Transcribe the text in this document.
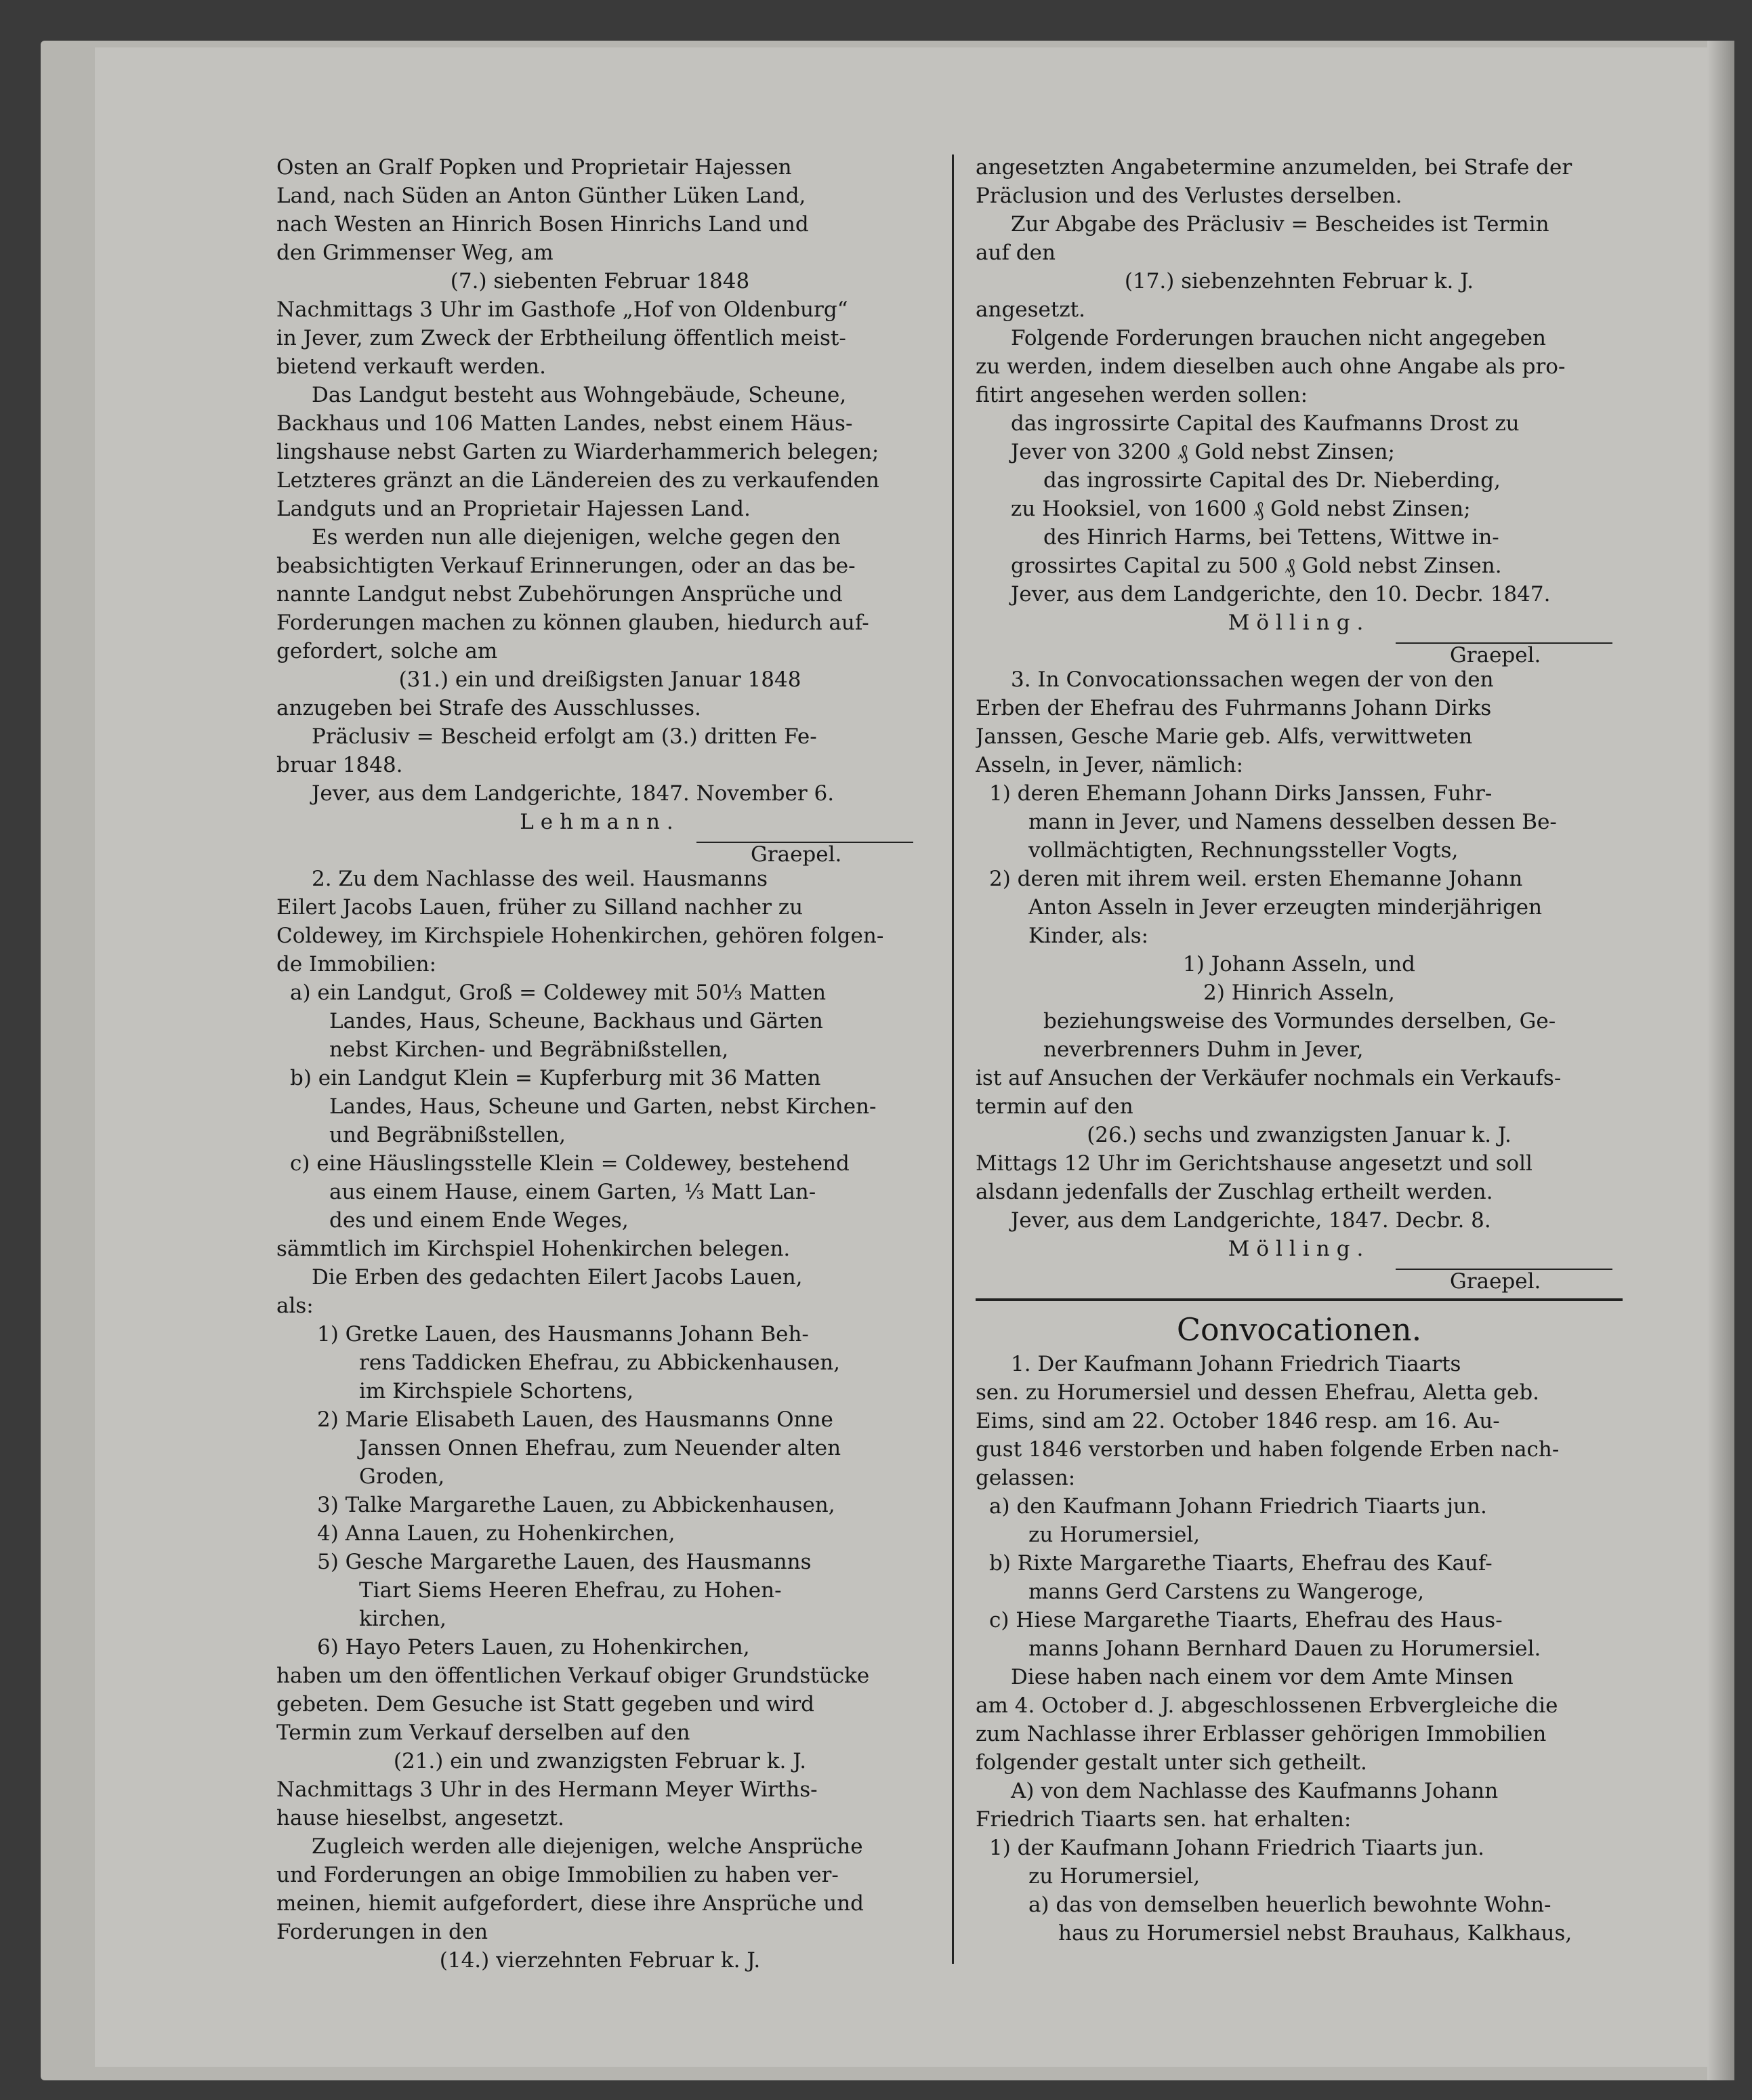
Osten an Gralf Popken und Proprietair Hajessen
Land, nach Süden an Anton Günther Lüken Land,
nach Westen an Hinrich Bosen Hinrichs Land und
den Grimmenser Weg, am
(7.) siebenten Februar 1848
Nachmittags 3 Uhr im Gasthofe „Hof von Oldenburg“
in Jever, zum Zweck der Erbtheilung öffentlich meist-
bietend verkauft werden.
Das Landgut besteht aus Wohngebäude, Scheune,
Backhaus und 106 Matten Landes, nebst einem Häus-
lingshause nebst Garten zu Wiarderhammerich belegen;
Letzteres gränzt an die Ländereien des zu verkaufenden
Landguts und an Proprietair Hajessen Land.
Es werden nun alle diejenigen, welche gegen den
beabsichtigten Verkauf Erinnerungen, oder an das be-
nannte Landgut nebst Zubehörungen Ansprüche und
Forderungen machen zu können glauben, hiedurch auf-
gefordert, solche am
(31.) ein und dreißigsten Januar 1848
anzugeben bei Strafe des Ausschlusses.
Präclusiv = Bescheid erfolgt am (3.) dritten Fe-
bruar 1848.
Jever, aus dem Landgerichte, 1847. November 6.
Lehmann.
Graepel.
2. Zu dem Nachlasse des weil. Hausmanns
Eilert Jacobs Lauen, früher zu Silland nachher zu
Coldewey, im Kirchspiele Hohenkirchen, gehören folgen-
de Immobilien:
a) ein Landgut, Groß = Coldewey mit 50⅓ Matten
Landes, Haus, Scheune, Backhaus und Gärten
nebst Kirchen- und Begräbnißstellen,
b) ein Landgut Klein = Kupferburg mit 36 Matten
Landes, Haus, Scheune und Garten, nebst Kirchen-
und Begräbnißstellen,
c) eine Häuslingsstelle Klein = Coldewey, bestehend
aus einem Hause, einem Garten, ⅓ Matt Lan-
des und einem Ende Weges,
sämmtlich im Kirchspiel Hohenkirchen belegen.
Die Erben des gedachten Eilert Jacobs Lauen,
als:
1) Gretke Lauen, des Hausmanns Johann Beh-
rens Taddicken Ehefrau, zu Abbickenhausen,
im Kirchspiele Schortens,
2) Marie Elisabeth Lauen, des Hausmanns Onne
Janssen Onnen Ehefrau, zum Neuender alten
Groden,
3) Talke Margarethe Lauen, zu Abbickenhausen,
4) Anna Lauen, zu Hohenkirchen,
5) Gesche Margarethe Lauen, des Hausmanns
Tiart Siems Heeren Ehefrau, zu Hohen-
kirchen,
6) Hayo Peters Lauen, zu Hohenkirchen,
haben um den öffentlichen Verkauf obiger Grundstücke
gebeten. Dem Gesuche ist Statt gegeben und wird
Termin zum Verkauf derselben auf den
(21.) ein und zwanzigsten Februar k. J.
Nachmittags 3 Uhr in des Hermann Meyer Wirths-
hause hieselbst, angesetzt.
Zugleich werden alle diejenigen, welche Ansprüche
und Forderungen an obige Immobilien zu haben ver-
meinen, hiemit aufgefordert, diese ihre Ansprüche und
Forderungen in den
(14.) vierzehnten Februar k. J.
angesetzten Angabetermine anzumelden, bei Strafe der
Präclusion und des Verlustes derselben.
Zur Abgabe des Präclusiv = Bescheides ist Termin
auf den
(17.) siebenzehnten Februar k. J.
angesetzt.
Folgende Forderungen brauchen nicht angegeben
zu werden, indem dieselben auch ohne Angabe als pro-
fitirt angesehen werden sollen:
das ingrossirte Capital des Kaufmanns Drost zu
Jever von 3200 ₰ Gold nebst Zinsen;
das ingrossirte Capital des Dr. Nieberding,
zu Hooksiel, von 1600 ₰ Gold nebst Zinsen;
des Hinrich Harms, bei Tettens, Wittwe in-
grossirtes Capital zu 500 ₰ Gold nebst Zinsen.
Jever, aus dem Landgerichte, den 10. Decbr. 1847.
Mölling.
Graepel.
3. In Convocationssachen wegen der von den
Erben der Ehefrau des Fuhrmanns Johann Dirks
Janssen, Gesche Marie geb. Alfs, verwittweten
Asseln, in Jever, nämlich:
1) deren Ehemann Johann Dirks Janssen, Fuhr-
mann in Jever, und Namens desselben dessen Be-
vollmächtigten, Rechnungssteller Vogts,
2) deren mit ihrem weil. ersten Ehemanne Johann
Anton Asseln in Jever erzeugten minderjährigen
Kinder, als:
1) Johann Asseln, und
2) Hinrich Asseln,
beziehungsweise des Vormundes derselben, Ge-
neverbrenners Duhm in Jever,
ist auf Ansuchen der Verkäufer nochmals ein Verkaufs-
termin auf den
(26.) sechs und zwanzigsten Januar k. J.
Mittags 12 Uhr im Gerichtshause angesetzt und soll
alsdann jedenfalls der Zuschlag ertheilt werden.
Jever, aus dem Landgerichte, 1847. Decbr. 8.
Mölling.
Graepel.
Convocationen.
1. Der Kaufmann Johann Friedrich Tiaarts
sen. zu Horumersiel und dessen Ehefrau, Aletta geb.
Eims, sind am 22. October 1846 resp. am 16. Au-
gust 1846 verstorben und haben folgende Erben nach-
gelassen:
a) den Kaufmann Johann Friedrich Tiaarts jun.
zu Horumersiel,
b) Rixte Margarethe Tiaarts, Ehefrau des Kauf-
manns Gerd Carstens zu Wangeroge,
c) Hiese Margarethe Tiaarts, Ehefrau des Haus-
manns Johann Bernhard Dauen zu Horumersiel.
Diese haben nach einem vor dem Amte Minsen
am 4. October d. J. abgeschlossenen Erbvergleiche die
zum Nachlasse ihrer Erblasser gehörigen Immobilien
folgender gestalt unter sich getheilt.
A) von dem Nachlasse des Kaufmanns Johann
Friedrich Tiaarts sen. hat erhalten:
1) der Kaufmann Johann Friedrich Tiaarts jun.
zu Horumersiel,
a) das von demselben heuerlich bewohnte Wohn-
haus zu Horumersiel nebst Brauhaus, Kalkhaus,
